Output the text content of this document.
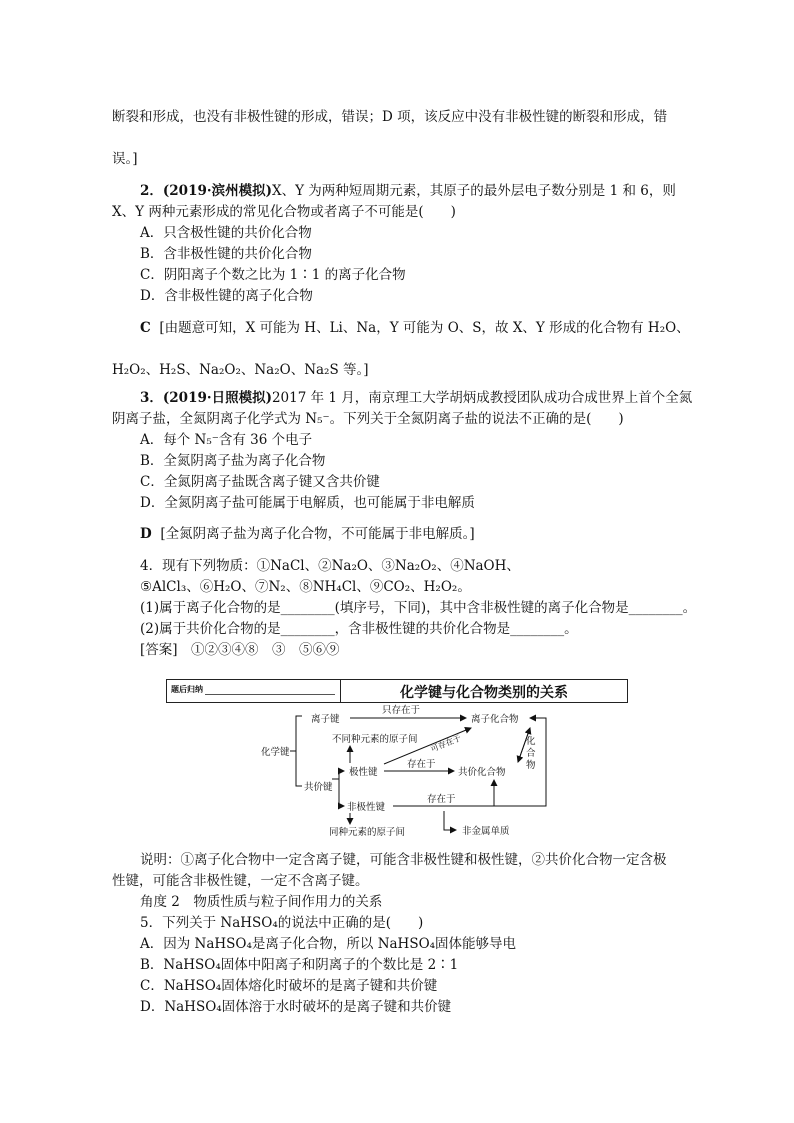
断裂和形成，也没有非极性键的形成，错误；D 项，该反应中没有非极性键的断裂和形成，错
误。]
2．(2019·滨州模拟)X、Y 为两种短周期元素，其原子的最外层电子数分别是 1 和 6，则
X、Y 两种元素形成的常见化合物或者离子不可能是(　　)
A．只含极性键的共价化合物
B．含非极性键的共价化合物
C．阴阳离子个数之比为 1∶1 的离子化合物
D．含非极性键的离子化合物
C [由题意可知，X 可能为 H、Li、Na，Y 可能为 O、S，故 X、Y 形成的化合物有 H₂O、
H₂O₂、H₂S、Na₂O₂、Na₂O、Na₂S 等。]
3．(2019·日照模拟)2017 年 1 月，南京理工大学胡炳成教授团队成功合成世界上首个全氮
阴离子盐，全氮阴离子化学式为 N₅⁻。下列关于全氮阴离子盐的说法不正确的是(　　)
A．每个 N₅⁻含有 36 个电子
B．全氮阴离子盐为离子化合物
C．全氮阴离子盐既含离子键又含共价键
D．全氮阴离子盐可能属于电解质，也可能属于非电解质
D [全氮阴离子盐为离子化合物，不可能属于非电解质。]
4．现有下列物质：①NaCl、②Na₂O、③Na₂O₂、④NaOH、
⑤AlCl₃、⑥H₂O、⑦N₂、⑧NH₄Cl、⑨CO₂、H₂O₂。
(1)属于离子化合物的是________(填序号，下同)，其中含非极性键的离子化合物是________。
(2)属于共价化合物的是________，含非极性键的共价化合物是________。
[答案]　①②③④⑧　③　⑤⑥⑨
题后归纳	化学键与化合物类别的关系
化学键
离子键
共价键
只存在于
离子化合物
不同种元素的原子间 可存在于
极性键
存在于
共价化合物
非极性键
存在于
同种元素的原子间	非金属单质
化
合
物
说明：①离子化合物中一定含离子键，可能含非极性键和极性键，②共价化合物一定含极
性键，可能含非极性键，一定不含离子键。
角度 2　物质性质与粒子间作用力的关系
5．下列关于 NaHSO₄的说法中正确的是(　　)
A．因为 NaHSO₄是离子化合物，所以 NaHSO₄固体能够导电
B．NaHSO₄固体中阳离子和阴离子的个数比是 2∶1
C．NaHSO₄固体熔化时破坏的是离子键和共价键
D．NaHSO₄固体溶于水时破坏的是离子键和共价键
